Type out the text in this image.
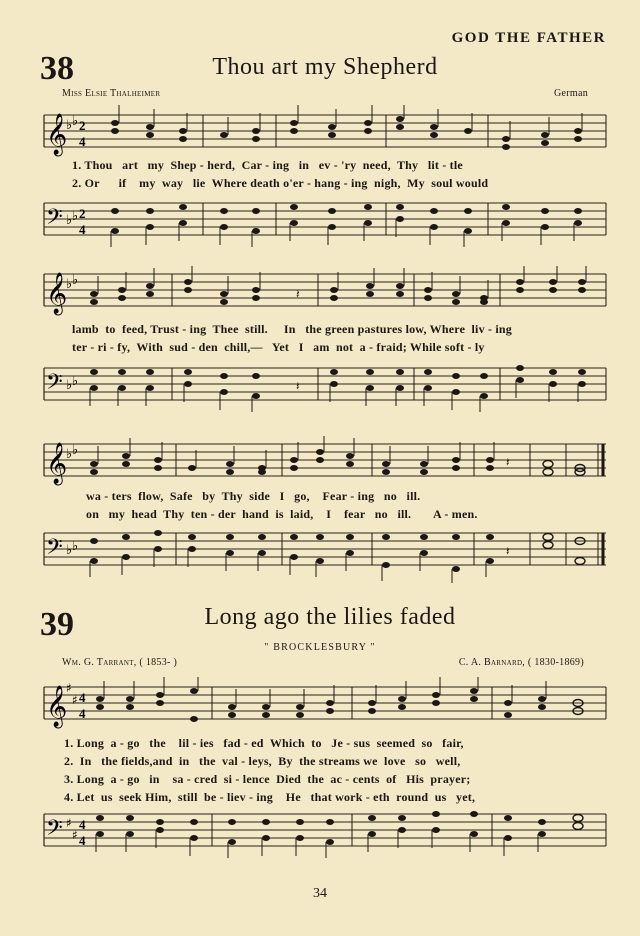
GOD THE FATHER
38	Thou art my Shepherd
Miss Elsie Thalheimer	German
𝄞
♭ ♭ 2
4
1. Thou   art   my  Shep - herd,  Car - ing   in   ev - 'ry  need,  Thy   lit - tle
2. Or      if    my  way   lie  Where death o'er - hang - ing  nigh,  My  soul would
𝄢 ♭ ♭ 2
4
𝄞
♭ ♭
𝄽
lamb  to  feed, Trust - ing  Thee  still.     In   the green pastures low, Where  liv - ing
ter - ri - fy,  With  sud - den  chill,—   Yet   I   am  not  a - fraid; While soft - ly
𝄢 ♭ ♭	𝄽
𝄞
♭ ♭
𝄽
wa - ters  flow,  Safe   by  Thy  side   I   go,    Fear - ing   no   ill.
on   my  head  Thy  ten - der  hand  is  laid,    I    fear   no   ill.       A - men.
𝄢 ♭ ♭	𝄽
39	Long ago the lilies faded
" BROCKLESBURY "
Wm. G. Tarrant, ( 1853- )	C. A. Barnard, ( 1830-1869)
𝄞
♯
♯ 4
4
1. Long  a - go   the    lil - ies   fad - ed  Which  to   Je - sus  seemed  so   fair,
2.  In   the fields,and  in   the  val - leys,  By  the streams we  love   so   well,
3. Long  a - go   in    sa - cred  si - lence  Died  the  ac - cents  of   His  prayer;
4. Let  us  seek Him,  still  be - liev - ing    He   that work - eth  round  us   yet,
𝄢 ♯
♯
4
4
34
